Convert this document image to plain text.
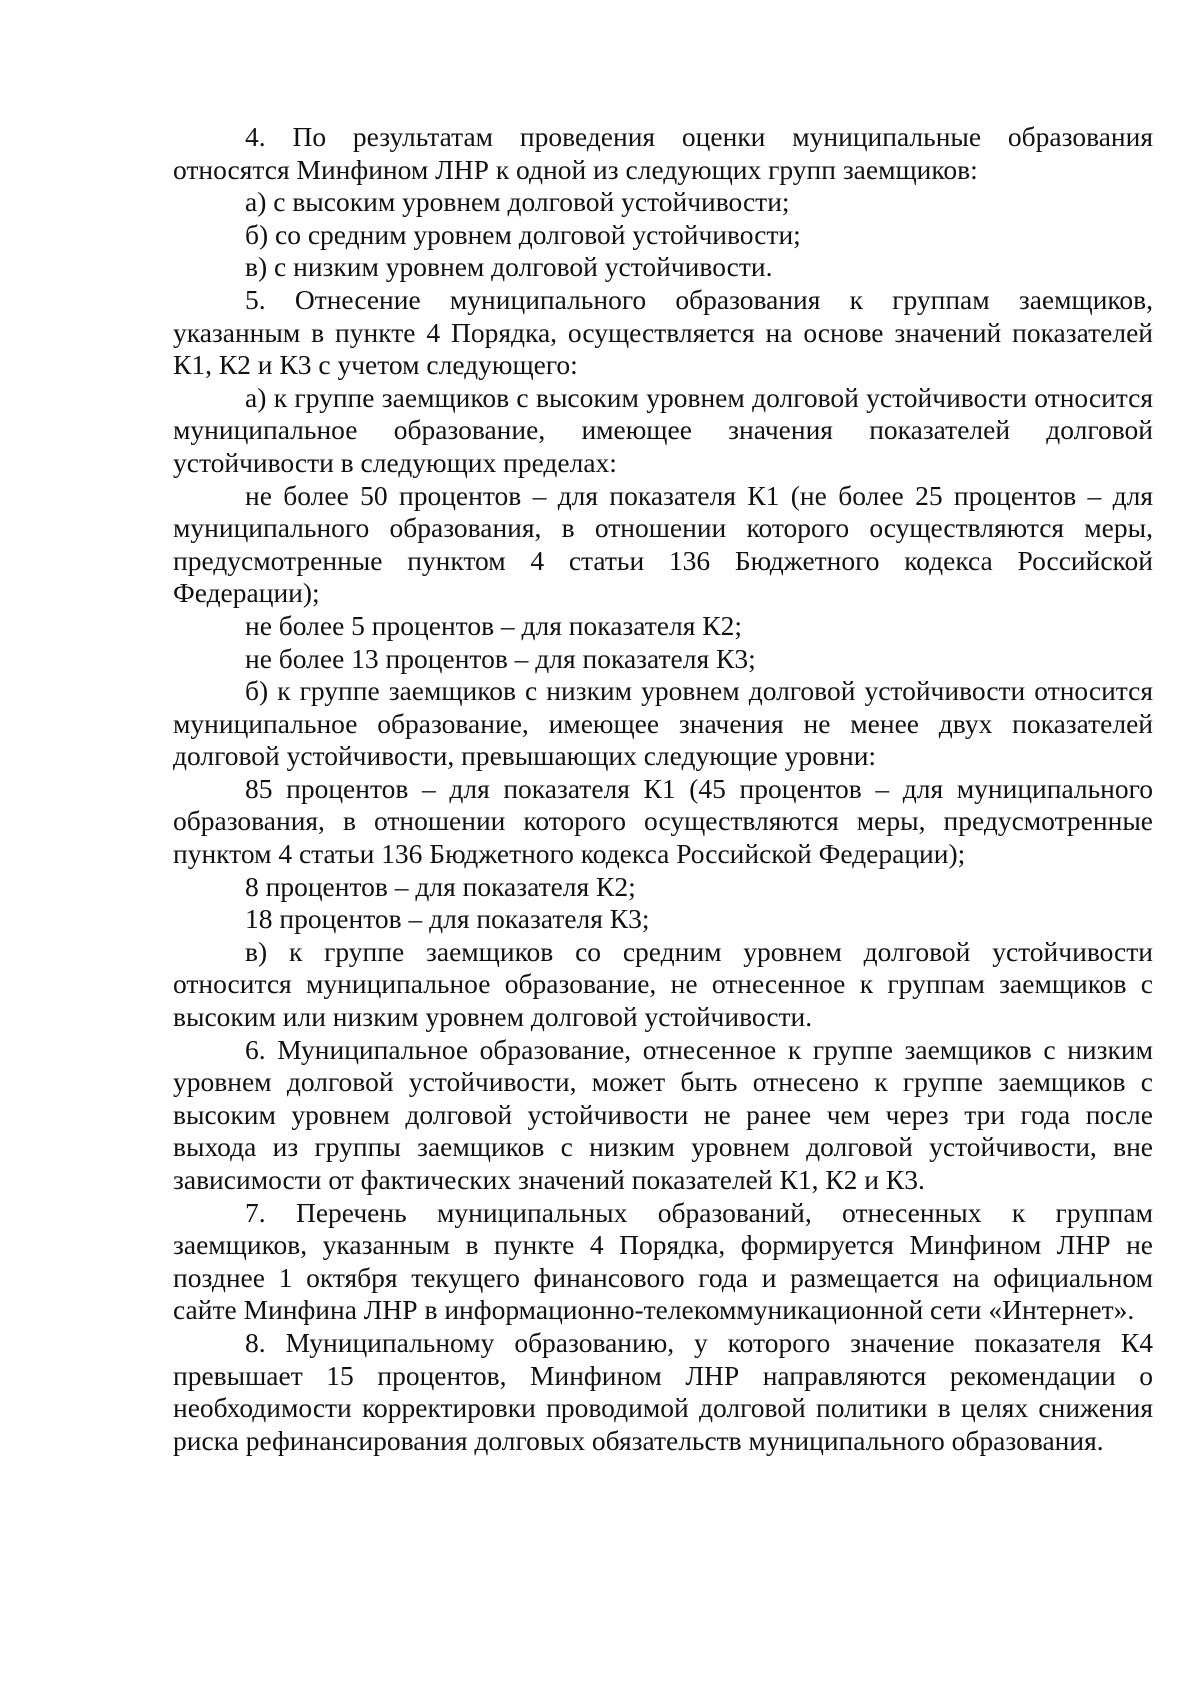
4. По результатам проведения оценки муниципальные образования относятся Минфином ЛНР к одной из следующих групп заемщиков:

а) с высоким уровнем долговой устойчивости;

б) со средним уровнем долговой устойчивости;

в) с низким уровнем долговой устойчивости.

5. Отнесение муниципального образования к группам заемщиков, указанным в пункте 4 Порядка, осуществляется на основе значений показателей К1, К2 и К3 с учетом следующего:

а) к группе заемщиков с высоким уровнем долговой устойчивости относится муниципальное образование, имеющее значения показателей долговой устойчивости в следующих пределах:

не более 50 процентов – для показателя К1 (не более 25 процентов – для муниципального образования, в отношении которого осуществляются меры, предусмотренные пунктом 4 статьи 136 Бюджетного кодекса Российской Федерации);

не более 5 процентов – для показателя К2;

не более 13 процентов – для показателя К3;

б) к группе заемщиков с низким уровнем долговой устойчивости относится муниципальное образование, имеющее значения не менее двух показателей долговой устойчивости, превышающих следующие уровни:

85 процентов – для показателя К1 (45 процентов – для муниципального образования, в отношении которого осуществляются меры, предусмотренные пунктом 4 статьи 136 Бюджетного кодекса Российской Федерации);

8 процентов – для показателя К2;

18 процентов – для показателя К3;

в) к группе заемщиков со средним уровнем долговой устойчивости относится муниципальное образование, не отнесенное к группам заемщиков с высоким или низким уровнем долговой устойчивости.

6. Муниципальное образование, отнесенное к группе заемщиков с низким уровнем долговой устойчивости, может быть отнесено к группе заемщиков с высоким уровнем долговой устойчивости не ранее чем через три года после выхода из группы заемщиков с низким уровнем долговой устойчивости, вне зависимости от фактических значений показателей К1, К2 и К3.

7. Перечень муниципальных образований, отнесенных к группам заемщиков, указанным в пункте 4 Порядка, формируется Минфином ЛНР не позднее 1 октября текущего финансового года и размещается на официальном сайте Минфина ЛНР в информационно-телекоммуникационной сети «Интернет».

8. Муниципальному образованию, у которого значение показателя К4 превышает 15 процентов, Минфином ЛНР направляются рекомендации о необходимости корректировки проводимой долговой политики в целях снижения риска рефинансирования долговых обязательств муниципального образования.
